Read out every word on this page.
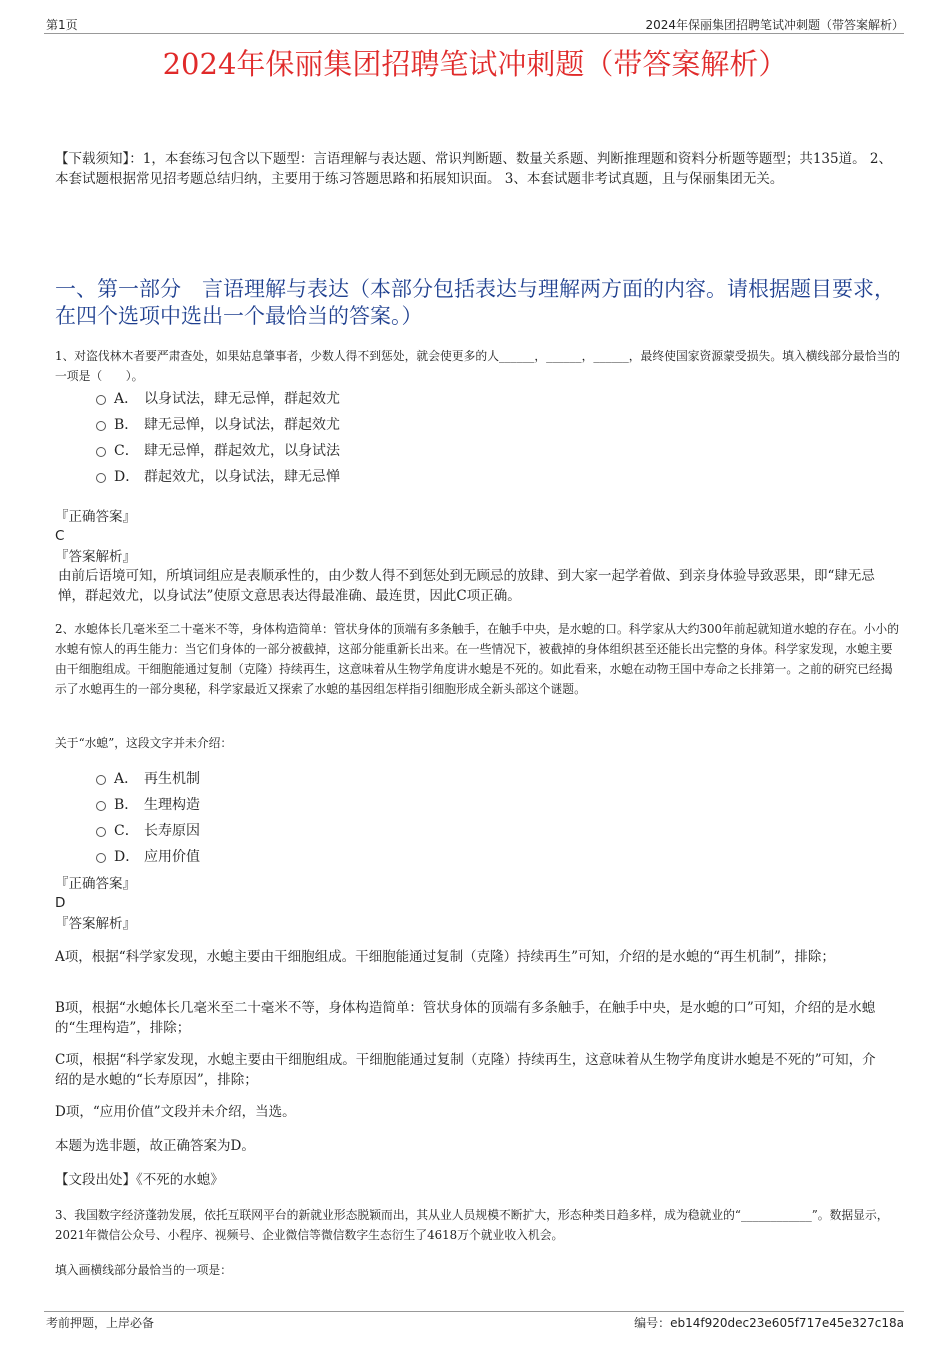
第1页	2024年保丽集团招聘笔试冲刺题（带答案解析）
2024年保丽集团招聘笔试冲刺题（带答案解析）
【下载须知】：1，本套练习包含以下题型：言语理解与表达题、常识判断题、数量关系题、判断推理题和资料分析题等题型；共135道。 2、本套试题根据常见招考题总结归纳，主要用于练习答题思路和拓展知识面。 3、本套试题非考试真题，且与保丽集团无关。
一、第一部分　言语理解与表达（本部分包括表达与理解两方面的内容。请根据题目要求，在四个选项中选出一个最恰当的答案。）
1、对盗伐林木者要严肃查处，如果姑息肇事者，少数人得不到惩处，就会使更多的人______，______，______，最终使国家资源蒙受损失。填入横线部分最恰当的一项是（　　）。
A． 以身试法，肆无忌惮，群起效尤
B． 肆无忌惮，以身试法，群起效尤
C． 肆无忌惮，群起效尤，以身试法
D． 群起效尤，以身试法，肆无忌惮
『正确答案』
C
『答案解析』
由前后语境可知，所填词组应是表顺承性的，由少数人得不到惩处到无顾忌的放肆、到大家一起学着做、到亲身体验导致恶果，即“肆无忌惮，群起效尤，以身试法”使原文意思表达得最准确、最连贯，因此C项正确。
2、水螅体长几毫米至二十毫米不等，身体构造简单：管状身体的顶端有多条触手，在触手中央，是水螅的口。科学家从大约300年前起就知道水螅的存在。小小的水螅有惊人的再生能力：当它们身体的一部分被截掉，这部分能重新长出来。在一些情况下，被截掉的身体组织甚至还能长出完整的身体。科学家发现，水螅主要由干细胞组成。干细胞能通过复制（克隆）持续再生，这意味着从生物学角度讲水螅是不死的。如此看来，水螅在动物王国中寿命之长排第一。之前的研究已经揭示了水螅再生的一部分奥秘，科学家最近又探索了水螅的基因组怎样指引细胞形成全新头部这个谜题。
关于“水螅”，这段文字并未介绍：
A． 再生机制
B． 生理构造
C． 长寿原因
D． 应用价值
『正确答案』
D
『答案解析』
A项，根据“科学家发现，水螅主要由干细胞组成。干细胞能通过复制（克隆）持续再生”可知，介绍的是水螅的“再生机制”，排除；
B项，根据“水螅体长几毫米至二十毫米不等，身体构造简单：管状身体的顶端有多条触手，在触手中央，是水螅的口”可知，介绍的是水螅的“生理构造”，排除；
C项，根据“科学家发现，水螅主要由干细胞组成。干细胞能通过复制（克隆）持续再生，这意味着从生物学角度讲水螅是不死的”可知，介绍的是水螅的“长寿原因”，排除；
D项，“应用价值”文段并未介绍，当选。
本题为选非题，故正确答案为D。
【文段出处】《不死的水螅》
3、我国数字经济蓬勃发展，依托互联网平台的新就业形态脱颖而出，其从业人员规模不断扩大，形态种类日趋多样，成为稳就业的“____________”。数据显示，2021年微信公众号、小程序、视频号、企业微信等微信数字生态衍生了4618万个就业收入机会。
填入画横线部分最恰当的一项是：
考前押题，上岸必备	编号：eb14f920dec23e605f717e45e327c18a
